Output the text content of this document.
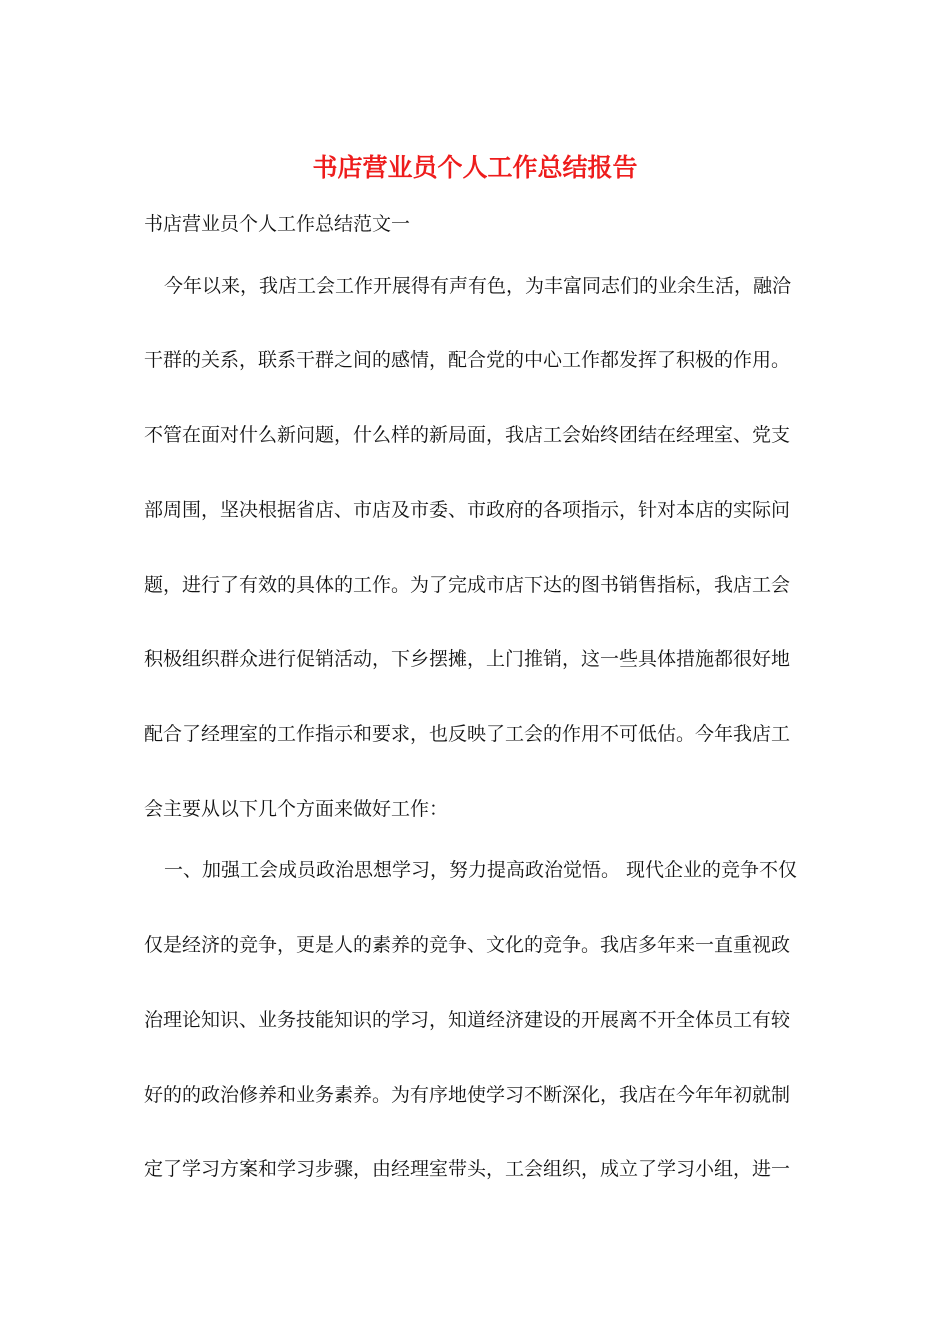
书店营业员个人工作总结报告

书店营业员个人工作总结范文一

今年以来，我店工会工作开展得有声有色，为丰富同志们的业余生活，融洽

干群的关系，联系干群之间的感情，配合党的中心工作都发挥了积极的作用。

不管在面对什么新问题，什么样的新局面，我店工会始终团结在经理室、党支

部周围，坚决根据省店、市店及市委、市政府的各项指示，针对本店的实际问

题，进行了有效的具体的工作。为了完成市店下达的图书销售指标，我店工会

积极组织群众进行促销活动，下乡摆摊，上门推销，这一些具体措施都很好地

配合了经理室的工作指示和要求，也反映了工会的作用不可低估。今年我店工

会主要从以下几个方面来做好工作：

一、加强工会成员政治思想学习，努力提高政治觉悟。 现代企业的竞争不仅

仅是经济的竞争，更是人的素养的竞争、文化的竞争。我店多年来一直重视政

治理论知识、业务技能知识的学习，知道经济建设的开展离不开全体员工有较

好的的政治修养和业务素养。为有序地使学习不断深化，我店在今年年初就制

定了学习方案和学习步骤，由经理室带头，工会组织，成立了学习小组，进一
